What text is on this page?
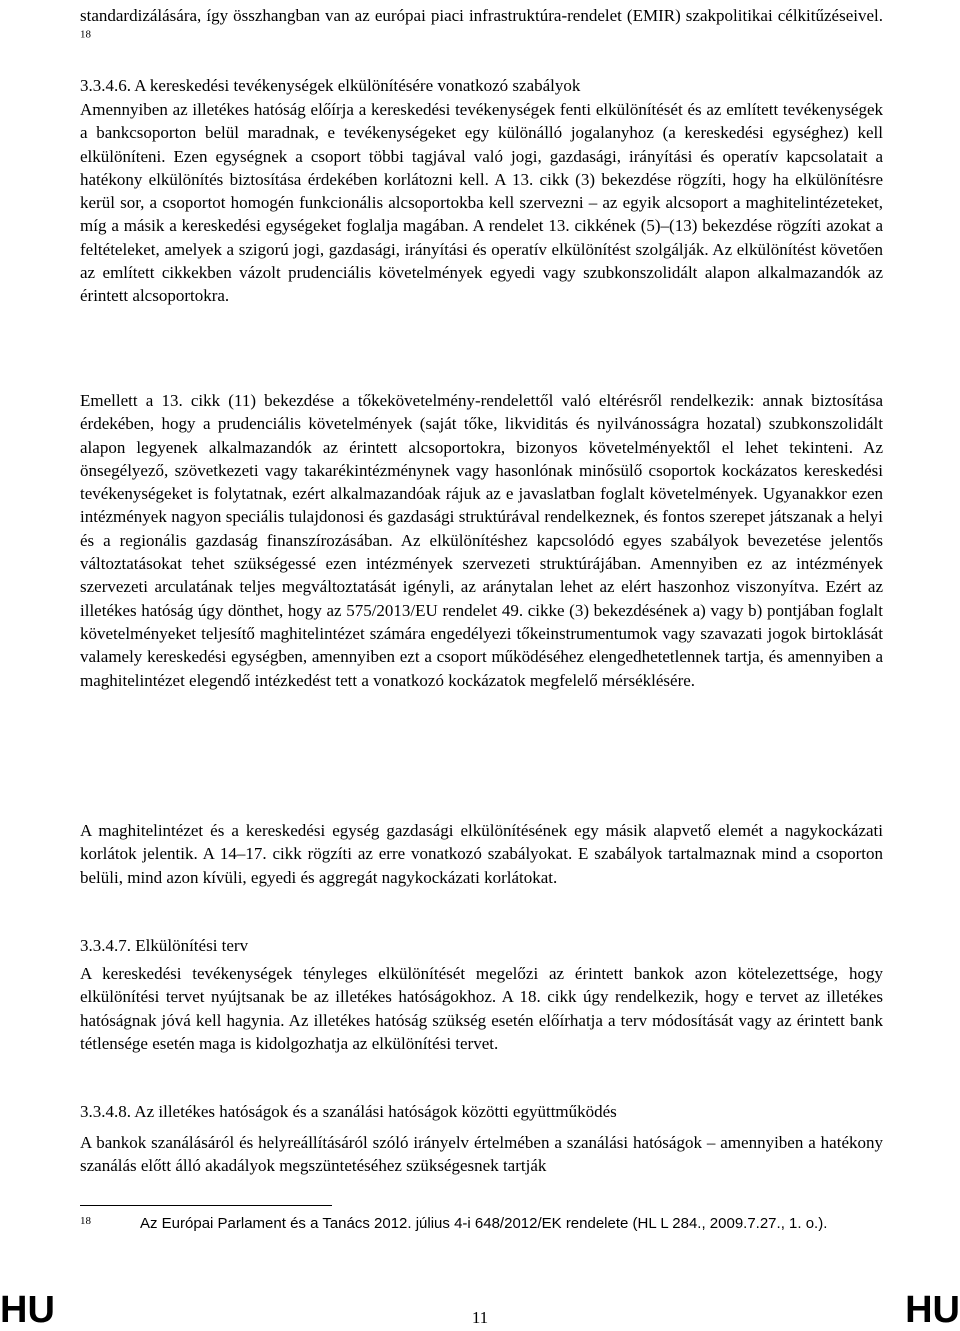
standardizálására, így összhangban van az európai piaci infrastruktúra-rendelet (EMIR) szakpolitikai célkitűzéseivel. $^{18}$

3.3.4.6. A kereskedési tevékenységek elkülönítésére vonatkozó szabályok

Amennyiben az illetékes hatóság előírja a kereskedési tevékenységek fenti elkülönítését és az említett tevékenységek a bankcsoporton belül maradnak, e tevékenységeket egy különálló jogalanyhoz (a kereskedési egységhez) kell elkülöníteni. Ezen egységnek a csoport többi tagjával való jogi, gazdasági, irányítási és operatív kapcsolatait a hatékony elkülönítés biztosítása érdekében korlátozni kell. A 13. cikk (3) bekezdése rögzíti, hogy ha elkülönítésre kerül sor, a csoportot homogén funkcionális alcsoportokba kell szervezni – az egyik alcsoport a maghitelintézeteket, míg a másik a kereskedési egységeket foglalja magában. A rendelet 13. cikkének (5)–(13) bekezdése rögzíti azokat a feltételeket, amelyek a szigorú jogi, gazdasági, irányítási és operatív elkülönítést szolgálják. Az elkülönítést követően az említett cikkekben vázolt prudenciális követelmények egyedi vagy szubkonszolidált alapon alkalmazandók az érintett alcsoportokra.

Emellett a 13. cikk (11) bekezdése a tőkekövetelmény-rendelettől való eltérésről rendelkezik: annak biztosítása érdekében, hogy a prudenciális követelmények (saját tőke, likviditás és nyilvánosságra hozatal) szubkonszolidált alapon legyenek alkalmazandók az érintett alcsoportokra, bizonyos követelményektől el lehet tekinteni. Az önsegélyező, szövetkezeti vagy takarékintézménynek vagy hasonlónak minősülő csoportok kockázatos kereskedési tevékenységeket is folytatnak, ezért alkalmazandóak rájuk az e javaslatban foglalt követelmények. Ugyanakkor ezen intézmények nagyon speciális tulajdonosi és gazdasági struktúrával rendelkeznek, és fontos szerepet játszanak a helyi és a regionális gazdaság finanszírozásában. Az elkülönítéshez kapcsolódó egyes szabályok bevezetése jelentős változtatásokat tehet szükségessé ezen intézmények szervezeti struktúrájában. Amennyiben ez az intézmények szervezeti arculatának teljes megváltoztatását igényli, az aránytalan lehet az elért haszonhoz viszonyítva. Ezért az illetékes hatóság úgy dönthet, hogy az 575/2013/EU rendelet 49. cikke (3) bekezdésének a) vagy b) pontjában foglalt követelményeket teljesítő maghitelintézet számára engedélyezi tőkeinstrumentumok vagy szavazati jogok birtoklását valamely kereskedési egységben, amennyiben ezt a csoport működéséhez elengedhetetlennek tartja, és amennyiben a maghitelintézet elegendő intézkedést tett a vonatkozó kockázatok megfelelő mérséklésére.

A maghitelintézet és a kereskedési egység gazdasági elkülönítésének egy másik alapvető elemét a nagykockázati korlátok jelentik. A 14–17. cikk rögzíti az erre vonatkozó szabályokat. E szabályok tartalmaznak mind a csoporton belüli, mind azon kívüli, egyedi és aggregát nagykockázati korlátokat.

3.3.4.7. Elkülönítési terv

A kereskedési tevékenységek tényleges elkülönítését megelőzi az érintett bankok azon kötelezettsége, hogy elkülönítési tervet nyújtsanak be az illetékes hatóságokhoz. A 18. cikk úgy rendelkezik, hogy e tervet az illetékes hatóságnak jóvá kell hagynia. Az illetékes hatóság szükség esetén előírhatja a terv módosítását vagy az érintett bank tétlensége esetén maga is kidolgozhatja az elkülönítési tervet.

3.3.4.8. Az illetékes hatóságok és a szanálási hatóságok közötti együttműködés

A bankok szanálásáról és helyreállításáról szóló irányelv értelmében a szanálási hatóságok – amennyiben a hatékony szanálás előtt álló akadályok megszüntetéséhez szükségesnek tartják

18	Az Európai Parlament és a Tanács 2012. július 4-i 648/2012/EK rendelete (HL L 284., 2009.7.27., 1. o.).

HU	11	HU
